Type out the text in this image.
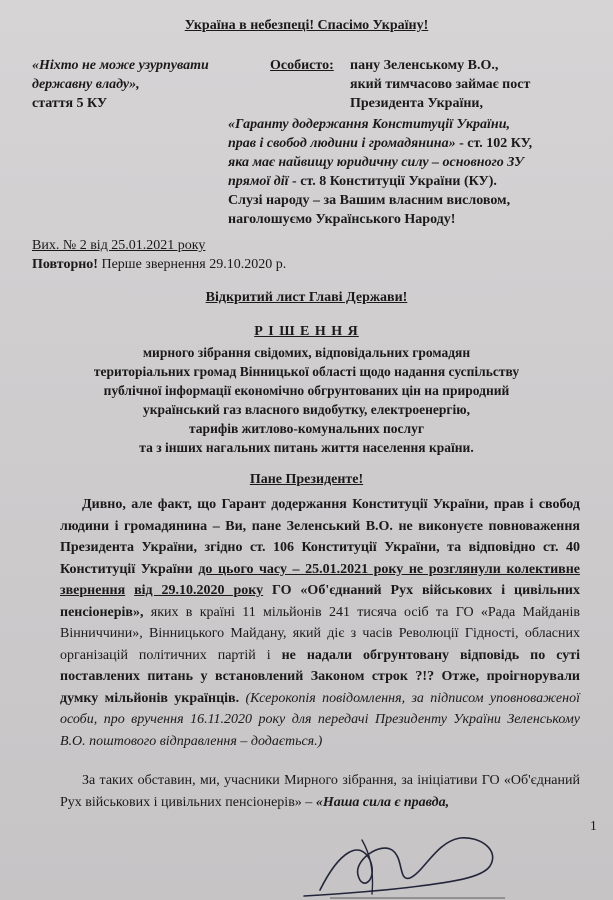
Україна в небезпеці! Спасімо Україну!
«Ніхто не може узурпувати
державну владу»,
стаття 5 КУ
Особисто: пану Зеленському В.О.,
який тимчасово займає пост
Президента України,
«Гаранту додержання Конституції України,
прав і свобод людини і громадянина» - ст. 102 КУ,
яка має найвищу юридичну силу – основного ЗУ
прямої дії - ст. 8 Конституції України (КУ).
Слузі народу – за Вашим власним висловом,
наголошуємо Українського Народу!
Вих. № 2 від 25.01.2021 року
Повторно! Перше звернення 29.10.2020 р.
Відкритий лист Главі Держави!
Р І Ш Е Н Н Я
мирного зібрання свідомих, відповідальних громадян
територіальних громад Вінницької області щодо надання суспільству
публічної інформації економічно обгрунтованих цін на природний
український газ власного видобутку, електроенергію,
тарифів житлово-комунальних послуг
та з інших нагальних питань життя населення країни.
Пане Президенте!
Дивно, але факт, що Гарант додержання Конституції України, прав і свобод людини і громадянина – Ви, пане Зеленський В.О. не виконуєте повноваження Президента України, згідно ст. 106 Конституції України, та відповідно ст. 40 Конституції України до цього часу – 25.01.2021 року не розглянули колективне звернення від 29.10.2020 року ГО «Об'єднаний Рух військових і цивільних пенсіонерів», яких в країні 11 мільйонів 241 тисяча осіб та ГО «Рада Майданів Вінниччини», Вінницького Майдану, який діє з часів Революції Гідності, обласних організацій політичних партій і не надали обгрунтовану відповідь по суті поставлених питань у встановлений Законом строк ?!? Отже, проігнорували думку мільйонів українців. (Ксерокопія повідомлення, за підписом уповноваженої особи, про вручення 16.11.2020 року для передачі Президенту України Зеленському В.О. поштового відправлення – додається.)
За таких обставин, ми, учасники Мирного зібрання, за ініціативи ГО «Об'єднаний Рух військових і цивільних пенсіонерів» – «Наша сила є правда,
1
